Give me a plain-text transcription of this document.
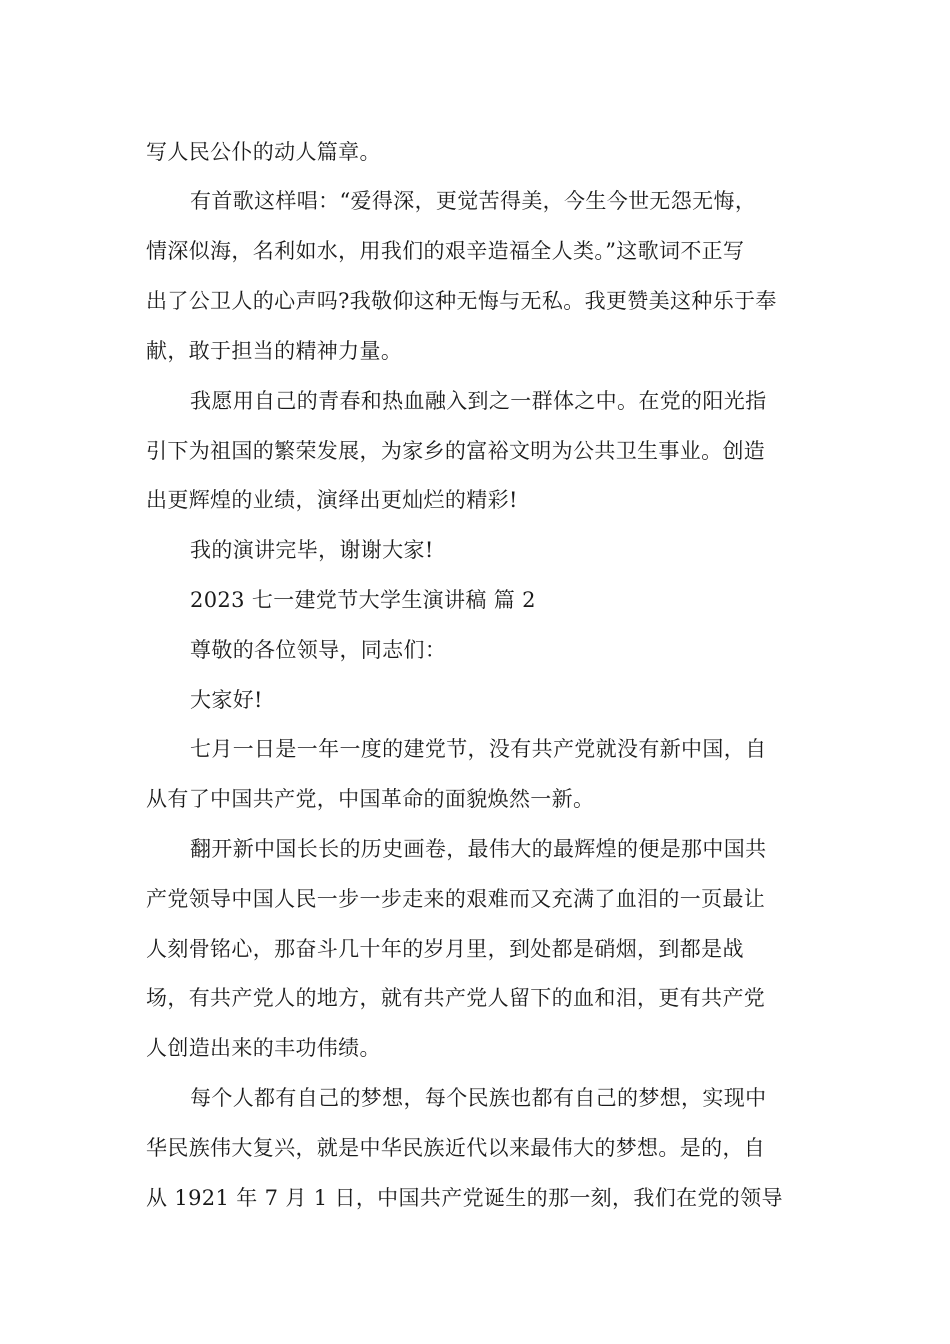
写人民公仆的动人篇章。
有首歌这样唱：“爱得深，更觉苦得美，今生今世无怨无悔，
情深似海，名利如水，用我们的艰辛造福全人类。”这歌词不正写
出了公卫人的心声吗?我敬仰这种无悔与无私。我更赞美这种乐于奉
献，敢于担当的精神力量。
我愿用自己的青春和热血融入到之一群体之中。在党的阳光指
引下为祖国的繁荣发展，为家乡的富裕文明为公共卫生事业。创造
出更辉煌的业绩，演绎出更灿烂的精彩!
我的演讲完毕，谢谢大家!
2023 七一建党节大学生演讲稿 篇 2
尊敬的各位领导，同志们：
大家好!
七月一日是一年一度的建党节，没有共产党就没有新中国，自
从有了中国共产党，中国革命的面貌焕然一新。
翻开新中国长长的历史画卷，最伟大的最辉煌的便是那中国共
产党领导中国人民一步一步走来的艰难而又充满了血泪的一页最让
人刻骨铭心，那奋斗几十年的岁月里，到处都是硝烟，到都是战
场，有共产党人的地方，就有共产党人留下的血和泪，更有共产党
人创造出来的丰功伟绩。
每个人都有自己的梦想，每个民族也都有自己的梦想，实现中
华民族伟大复兴，就是中华民族近代以来最伟大的梦想。是的，自
从 1921 年 7 月 1 日，中国共产党诞生的那一刻，我们在党的领导
